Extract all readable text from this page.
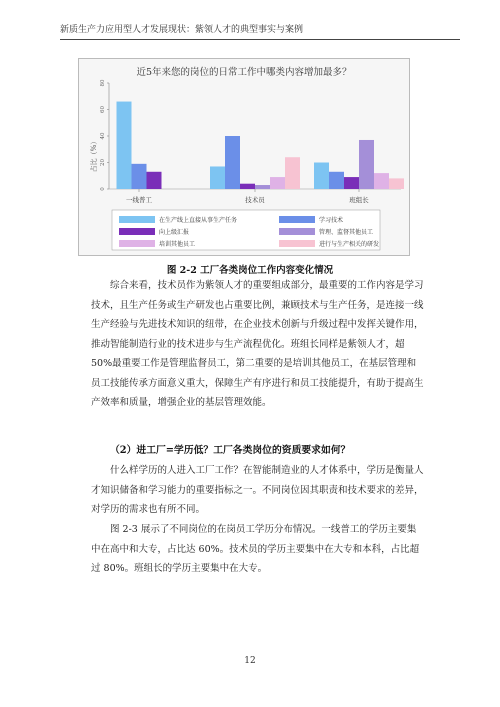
新质生产力应用型人才发展现状：紫领人才的典型事实与案例
近5年来您的岗位的日常工作中哪类内容增加最多？
占比（%）
0
20
40
60
80
一线普工	技术员	班组长
在生产线上直接从事生产任务	学习技术
向上级汇报	管理、监督其他员工
培训其他员工	进行与生产相关的研发
图 2-2 工厂各类岗位工作内容变化情况

综合来看，技术员作为紫领人才的重要组成部分，最重要的工作内容是学习技术，且生产任务或生产研发也占重要比例，兼顾技术与生产任务，是连接一线生产经验与先进技术知识的纽带，在企业技术创新与升级过程中发挥关键作用，推动智能制造行业的技术进步与生产流程优化。班组长同样是紫领人才，超 50%最重要工作是管理监督员工，第二重要的是培训其他员工，在基层管理和员工技能传承方面意义重大，保障生产有序进行和员工技能提升，有助于提高生产效率和质量，增强企业的基层管理效能。

（2）进工厂=学历低？工厂各类岗位的资质要求如何？

什么样学历的人进入工厂工作？在智能制造业的人才体系中，学历是衡量人才知识储备和学习能力的重要指标之一。不同岗位因其职责和技术要求的差异，对学历的需求也有所不同。

图 2-3 展示了不同岗位的在岗员工学历分布情况。一线普工的学历主要集中在高中和大专，占比达 60%。技术员的学历主要集中在大专和本科，占比超过 80%。班组长的学历主要集中在大专。

12
